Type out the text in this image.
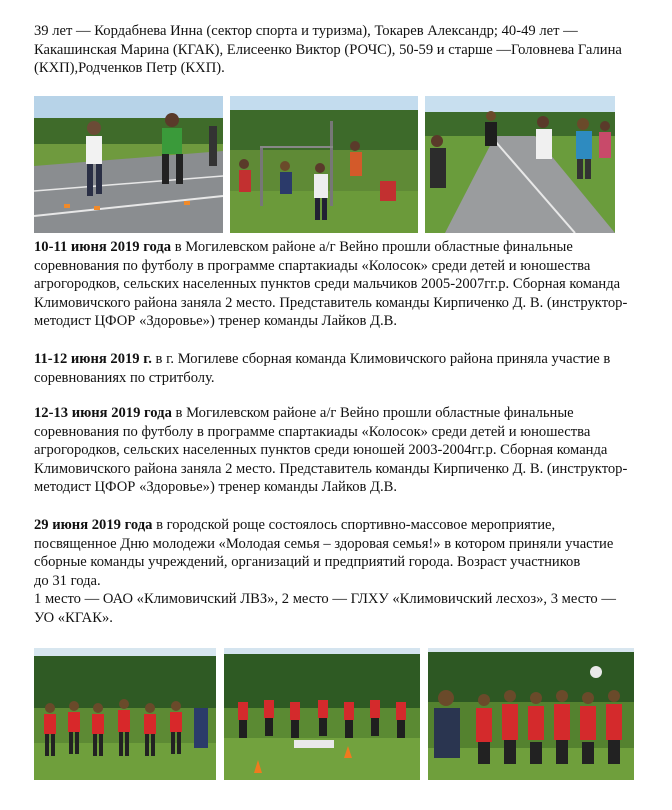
39 лет — Кордабнева Инна (сектор спорта и туризма), Токарев Александр; 40-49 лет —
Какашинская Марина (КГАК), Елисеенко Виктор (РОЧС), 50-59 и старше —Головнева Галина
(КХП),Родченков Петр (КХП).

10-11 июня 2019 года в Могилевском районе а/г Вейно прошли областные финальные
соревнования по футболу в программе спартакиады «Колосок» среди детей и юношества
агрогородков, сельских населенных пунктов среди мальчиков 2005-2007гг.р. Сборная команда
Климовичского района заняла 2 место. Представитель команды Кирпиченко Д. В. (инструктор-
методист ЦФОР «Здоровье») тренер команды Лайков Д.В.

11-12 июня 2019 г. в г. Могилеве сборная команда Климовичского района приняла участие в
соревнованиях по стритболу.

12-13 июня 2019 года в Могилевском районе а/г Вейно прошли областные финальные
соревнования по футболу в программе спартакиады «Колосок» среди детей и юношества
агрогородков, сельских населенных пунктов среди юношей 2003-2004гг.р. Сборная команда
Климовичского района заняла 2 место. Представитель команды Кирпиченко Д. В. (инструктор-
методист ЦФОР «Здоровье») тренер команды Лайков Д.В.

29 июня 2019 года в городской роще состоялось спортивно-массовое мероприятие,
посвященное Дню молодежи «Молодая семья – здоровая семья!» в котором приняли участие
сборные команды учреждений, организаций и предприятий города. Возраст участников
до 31 года.
1 место — ОАО «Климовичский ЛВЗ», 2 место — ГЛХУ «Климовичский лесхоз», 3 место —
УО «КГАК».
